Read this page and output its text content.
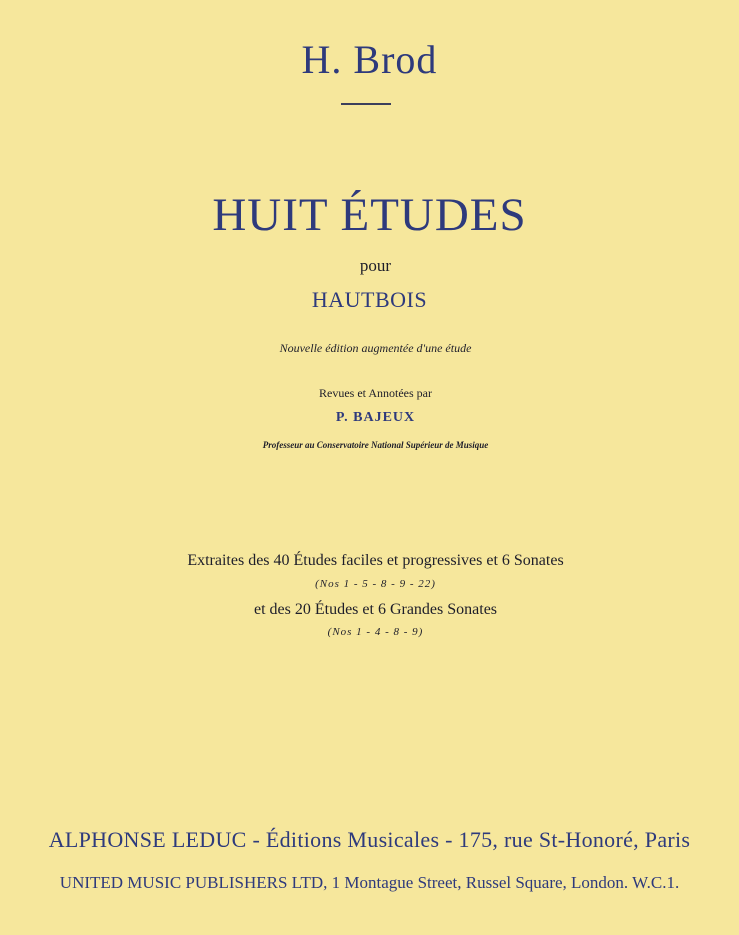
H. Brod
HUIT ÉTUDES
pour
HAUTBOIS
Nouvelle édition augmentée d'une étude
Revues et Annotées par
P. BAJEUX
Professeur au Conservatoire National Supérieur de Musique
Extraites des 40 Études faciles et progressives et 6 Sonates
(Nos 1 - 5 - 8 - 9 - 22)
et des 20 Études et 6 Grandes Sonates
(Nos 1 - 4 - 8 - 9)
ALPHONSE LEDUC - Éditions Musicales - 175, rue St-Honoré, Paris
UNITED MUSIC PUBLISHERS LTD, 1 Montague Street, Russel Square, London. W.C.1.
